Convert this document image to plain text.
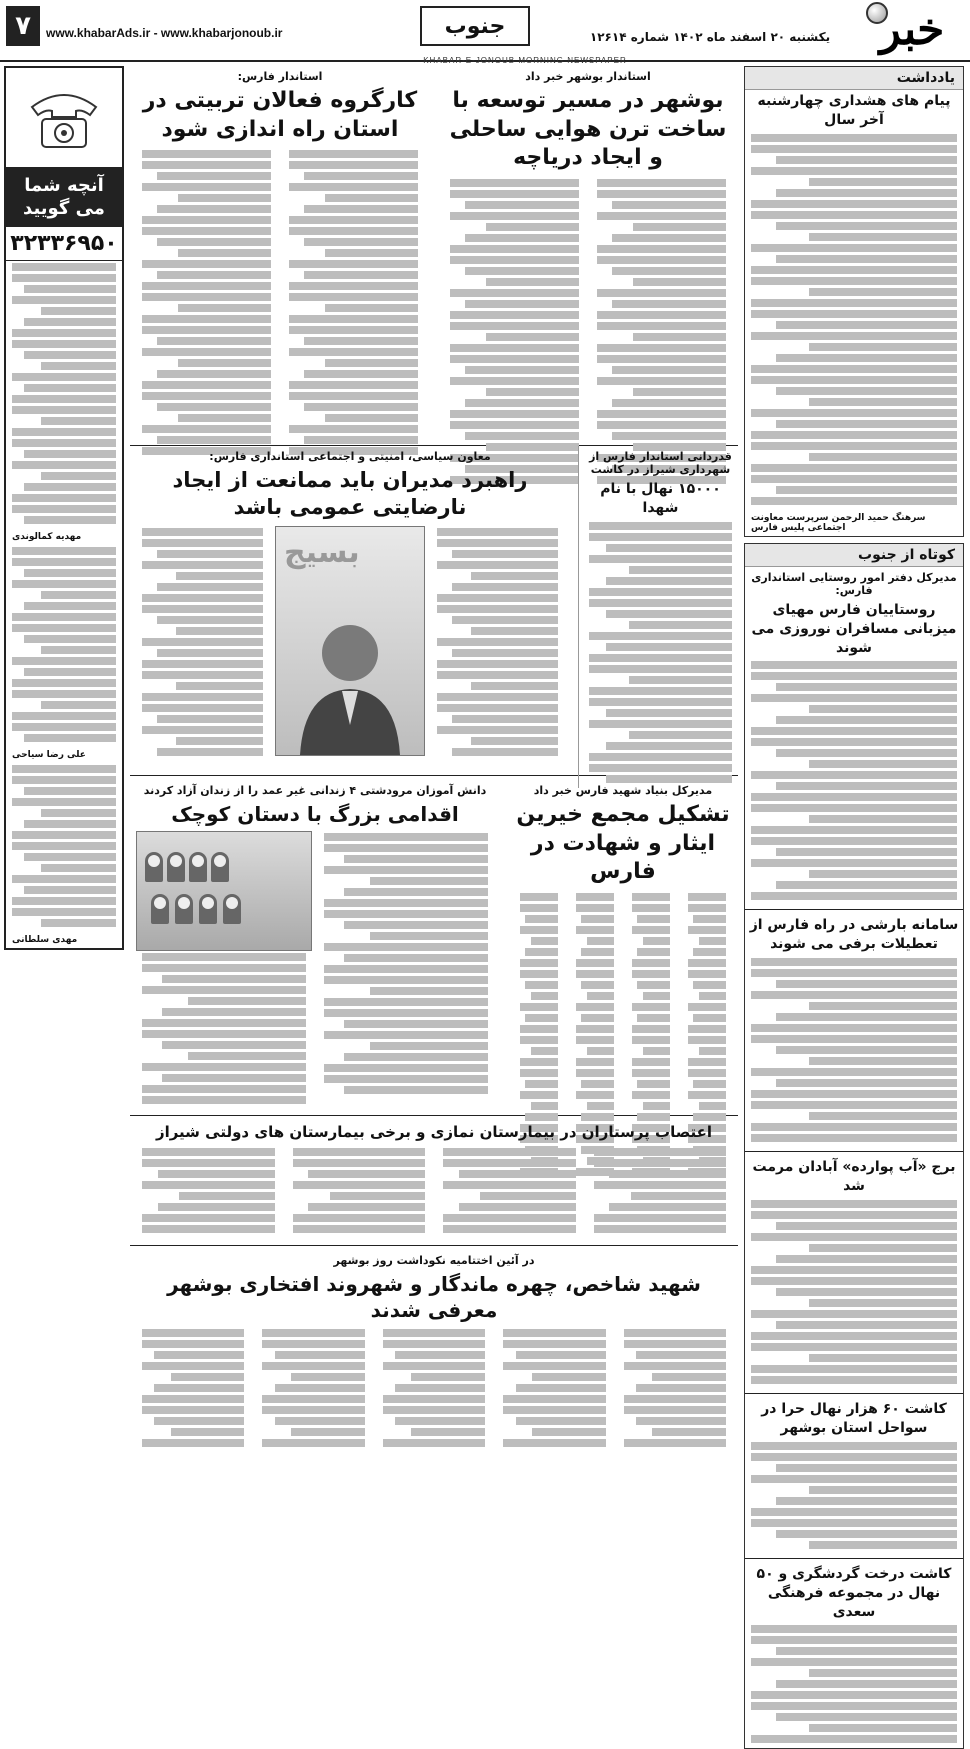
۷	www.khabarAds.ir - www.khabarjonoub.ir	جنوب	یکشنبه ۲۰ اسفند ماه ۱۴۰۲ شماره ۱۲۶۱۴	خبر
KHABAR-E-JONOUB MORNING NEWSPAPER
یادداشت
پیام های هشداری چهارشنبه آخر سال
سرهنگ حمید الرحمن سرپرست معاونت اجتماعی پلیس فارس
کوتاه از جنوب
مدیرکل دفتر امور روستایی استانداری فارس:
روستاییان فارس مهیای میزبانی مسافران نوروزی می شوند
سامانه بارشی در راه فارس از تعطیلات برفی می شوند
برج «آب پوارده» آبادان مرمت شد
کاشت ۶۰ هزار نهال حرا در سواحل استان بوشهر
کاشت درخت گردشگری و ۵۰ نهال در مجموعه فرهنگی سعدی
آنچه شما می گویید
۳۲۳۳۶۹۵۰
مهدیه کمالوندی
علی رضا سیاحی
مهدی سلطانی
استاندار بوشهر خبر داد
بوشهر در مسیر توسعه با ساخت ترن هوایی ساحلی و ایجاد دریاچه
استاندار فارس:
کارگروه فعالان تربیتی در استان راه اندازی شود
قدردانی استاندار فارس از شهرداری شیراز در کاشت
۱۵۰۰۰ نهال با نام شهدا
معاون سیاسی، امنیتی و اجتماعی استانداری فارس:
راهبرد مدیران باید ممانعت از ایجاد نارضایتی عمومی باشد
بسیج
دانش آموزان مرودشتی ۴ زندانی غیر عمد را از زندان آزاد کردند
اقدامی بزرگ با دستان کوچک
مدیرکل بنیاد شهید فارس خبر داد
تشکیل مجمع خیرین ایثار و شهادت در فارس
اعتصاب پرستاران در بیمارستان نمازی و برخی بیمارستان های دولتی شیراز
در آئین اختتامیه نکوداشت روز بوشهر
شهید شاخص، چهره ماندگار و شهروند افتخاری بوشهر معرفی شدند
